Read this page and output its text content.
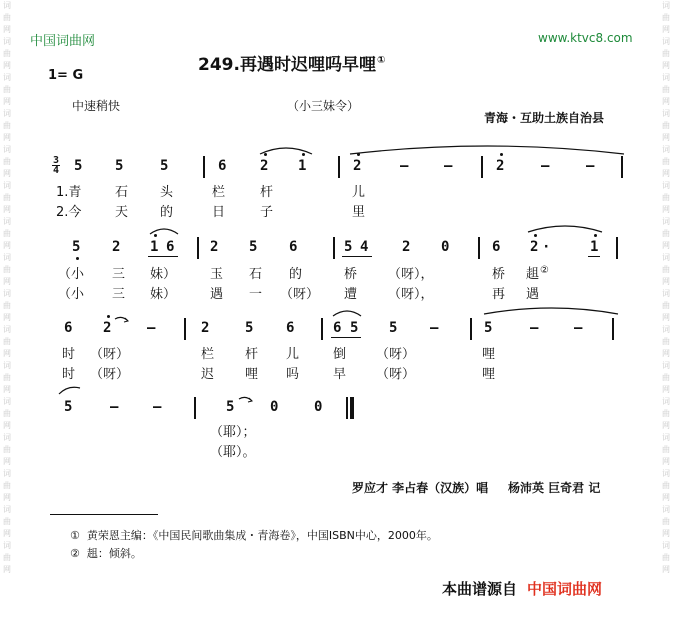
词曲网词曲网词曲网词曲网词曲网词曲网词曲网词曲网词曲网词曲网词曲网词曲网词曲网词曲网词曲网词曲网
词曲网词曲网词曲网词曲网词曲网词曲网词曲网词曲网词曲网词曲网词曲网词曲网词曲网词曲网词曲网词曲网
中国词曲网	www.ktvc8.com
249.再遇时迟哩吗早哩①
1= G
中速稍快	（小三妹令）
青海・互助土族自治县
3
4 5 5	5	6 2 1	2	–	–	2	–	–
1.青	石 头	栏	杆	儿
2.今	天 的	日	子	里
5 2 1 6	2 5 6	5 4 2 0	6 2 ·	1
（小 三 妹）	玉 石 的	桥 （呀），	桥 趄②
（小 三 妹）	遇 一 （呀） 遭 （呀），	再 遇
6 2	–	2	5 6	6 5 5 –	5	–	–
时 （呀）	栏 杆 儿	倒 （呀）	哩
时 （呀）	迟 哩 吗	早 （呀）	哩
5	– –	5	0	0
（耶）；
（耶）。
罗应才 李占春（汉族）唱 杨沛英 巨奇君 记
① 黄荣恩主编：《中国民间歌曲集成・青海卷》，中国ISBN中心，2000年。
② 趄：倾斜。
本曲谱源自 中国词曲网
